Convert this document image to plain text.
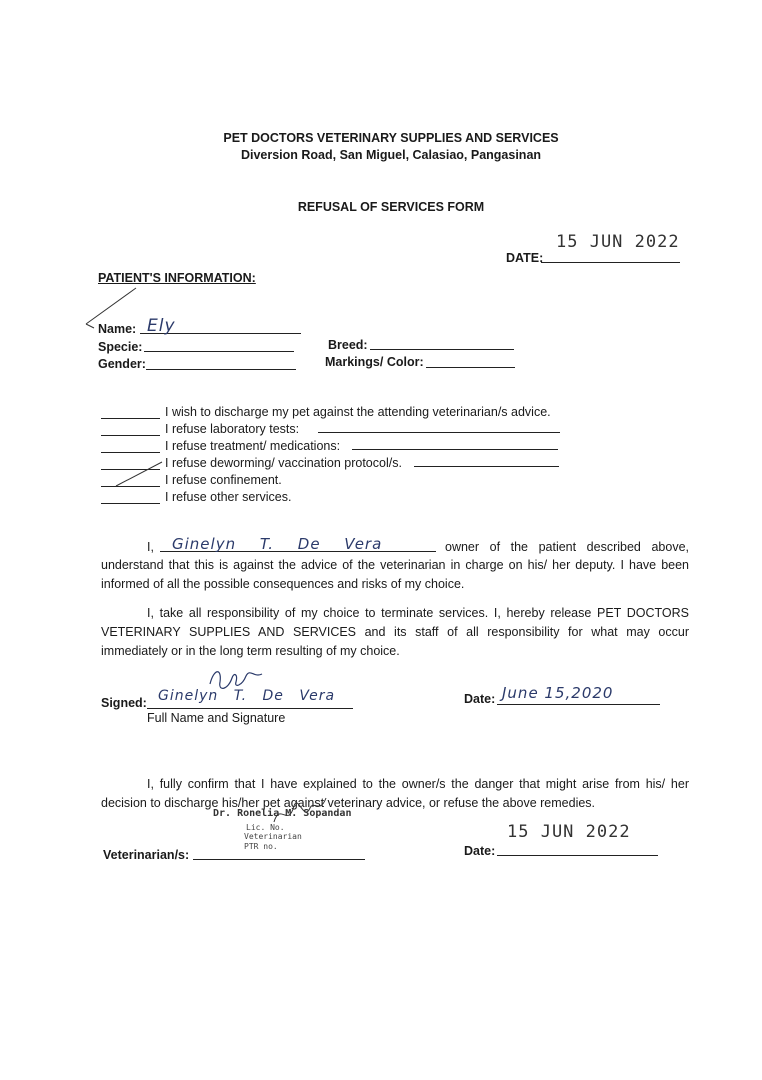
PET DOCTORS VETERINARY SUPPLIES AND SERVICES
Diversion Road, San Miguel, Calasiao, Pangasinan
REFUSAL OF SERVICES FORM
15 JUN 2022
DATE:
PATIENT'S INFORMATION:
Name: Ely
Specie:
Gender:
Breed:
Markings/ Color:
I wish to discharge my pet against the attending veterinarian/s advice.
I refuse laboratory tests:
I refuse treatment/ medications:
I refuse deworming/ vaccination protocol/s.
I refuse confinement.
I refuse other services.
I, Ginelyn T. De Vera	owner of the patient described above,
understand that this is against the advice of the veterinarian in charge on his/ her deputy. I have been informed of all the possible consequences and risks of my choice.
I, take all responsibility of my choice to terminate services. I, hereby release PET DOCTORS VETERINARY SUPPLIES AND SERVICES and its staff of all responsibility for what may occur immediately or in the long term resulting of my choice.
Signed: Ginelyn T. De Vera
Full Name and Signature
Date: June 15,2020
I, fully confirm that I have explained to the owner/s the danger that might arise from his/ her decision to discharge his/her pet against veterinary advice, or refuse the above remedies.
Dr. Ronelia M. Sopandan
Lic. No.
Veterinarian
PTR no.
Veterinarian/s:
15 JUN 2022
Date:
